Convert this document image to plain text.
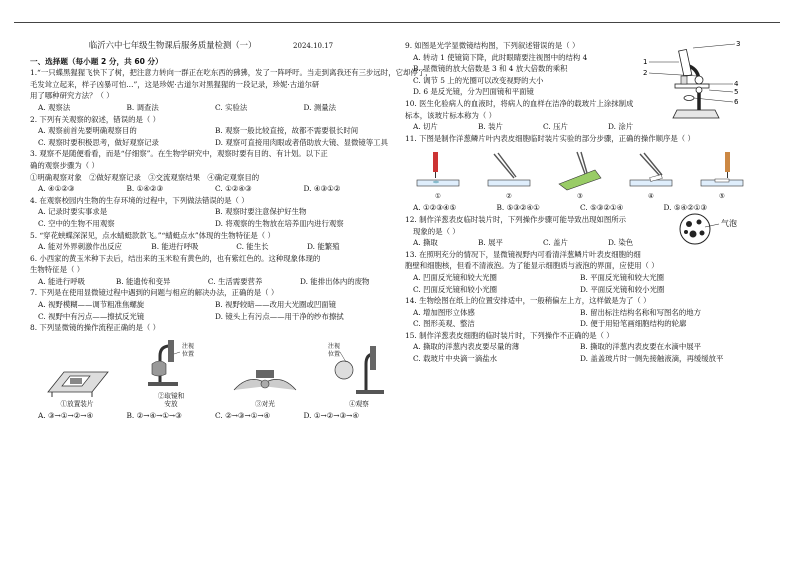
临沂六中七年级生物课后服务质量检测（一）	2024.10.17
一、选择题（每小题 2 分，共 60 分）

1.“一只蝶黑猩猩飞快下了树，把注意力转向一群正在吃东西的狒狒，发了一阵呼吁。当走到离我还有三步远时，它却停了，

毛发耸立起来，样子凶暴可怕…”，这是珍妮·古道尔对黑猩猩的一段记录，珍妮·古道尔研

用了哪种研究方法？（ ）

A. 观察法	B. 调查法	C. 实验法	D. 测量法

2. 下列有关观察的叙述，错误的是（ ）

A. 观察前首先要明确观察目的	B. 观察一般比较直接，故都不需要很长时间
C. 观察时要积极思考，做好观察记录	D. 观察可直接用肉眼或者借助放大镜、显微镜等工具

3. 观察不是随便看看，而是“仔细察”。在生物学研究中，观察时要有目的、有计划。以下正

确的观察步骤为（ ）

①明确观察对象　②做好观察记录　③交流观察结果　④确定观察目的

A. ④①②③	B. ①④②③	C. ①②④③	D. ④③①②

4. 在观察校园内生物的生存环境的过程中，下列做法错误的是（ ）

A. 记录时要实事求是	B. 观察时要注意保护好生物
C. 空中的生物不用观察	D. 将观察的生物放在培养皿内进行观察

5. “穿花蛱蝶深深见，点水蜻蜓款款飞。”“蜻蜓点水”体现的生物特征是（ ）

A. 能对外界刺激作出反应	B. 能进行呼吸	C. 能生长	D. 能繁殖

6. 小西家的黄玉米种下去后，结出来的玉米粒有黄色的，也有紫红色的。这种现象体现的

生物特征是（ ）

A. 能进行呼吸	B. 能遗传和变异	C. 生活需要营养	D. 能排出体内的废物

7. 下列是在使用显微镜过程中遇到的问题与相应的解决办法，正确的是（ ）

A. 视野模糊——调节粗准焦螺旋	B. 视野较暗——改用大光圈或凹面镜
C. 视野中有污点——擦拭反光镜	D. 镜头上有污点——用干净的纱布擦拭

8. 下列显微镜的操作流程正确的是（ ）

①放置装片
注视
位置
②取镜和
安放	③对光
注视
位置
④观察
A. ③→①→②→④	B. ②→④→①→③	C. ②→③→①→④	D. ①→②→③→④
3
1
2
4
5
6

9. 如图是光学显微镜结构图，下列叙述错误的是（ ）

A. 转动 1 使镜筒下降，此时眼睛要注视图中的结构 4

B. 显微镜的放大倍数是 3 和 4 放大倍数的乘积

C. 调节 5 上的光圈可以改变视野的大小

D. 6 是反光镜，分为凹面镜和平面镜

10. 医生化验病人的血液时，将病人的血样在洁净的载玻片上涂抹制成

标本，该玻片标本称为（ ）

A. 切片	B. 装片	C. 压片	D. 涂片

11. 下图是制作洋葱鳞片叶内表皮细胞临时装片实验的部分步骤，正确的操作顺序是（ ）

①	②	③	④	⑤
A. ①②③④⑤	B. ⑤③②④①	C. ⑤③②①④	D. ⑤④②①③
气泡

12. 制作洋葱表皮临时装片时，下列操作步骤可能导致出现如图所示

现象的是（ ）

A. 撕取	B. 展平	C. 盖片	D. 染色

13. 在照明充分的情况下，显微镜视野内可看清洋葱鳞片叶表皮细胞的细

胞壁和细胞核，但看不清液泡。为了能显示细胞质与液泡的界面，应使用（ ）

A. 凹面反光镜和较大光圈	B. 平面反光镜和较大光圈
C. 凹面反光镜和较小光圈	D. 平面反光镜和较小光圈

14. 生物绘图在纸上的位置安排适中，一般稍偏左上方，这样做是为了（ ）

A. 增加图形立体感	B. 留出标注结构名称和写图名的地方
C. 图形美观、整洁	D. 便于用铅笔画细胞结构的轮廓

15. 制作洋葱表皮细胞的临时装片时，下列操作不正确的是（ ）

A. 撕取的洋葱内表皮要尽量的薄	B. 撕取的洋葱内表皮要在水滴中展平
C. 载玻片中央滴一滴盐水	D. 盖盖玻片时一侧先接触液滴，再缓缓放平
